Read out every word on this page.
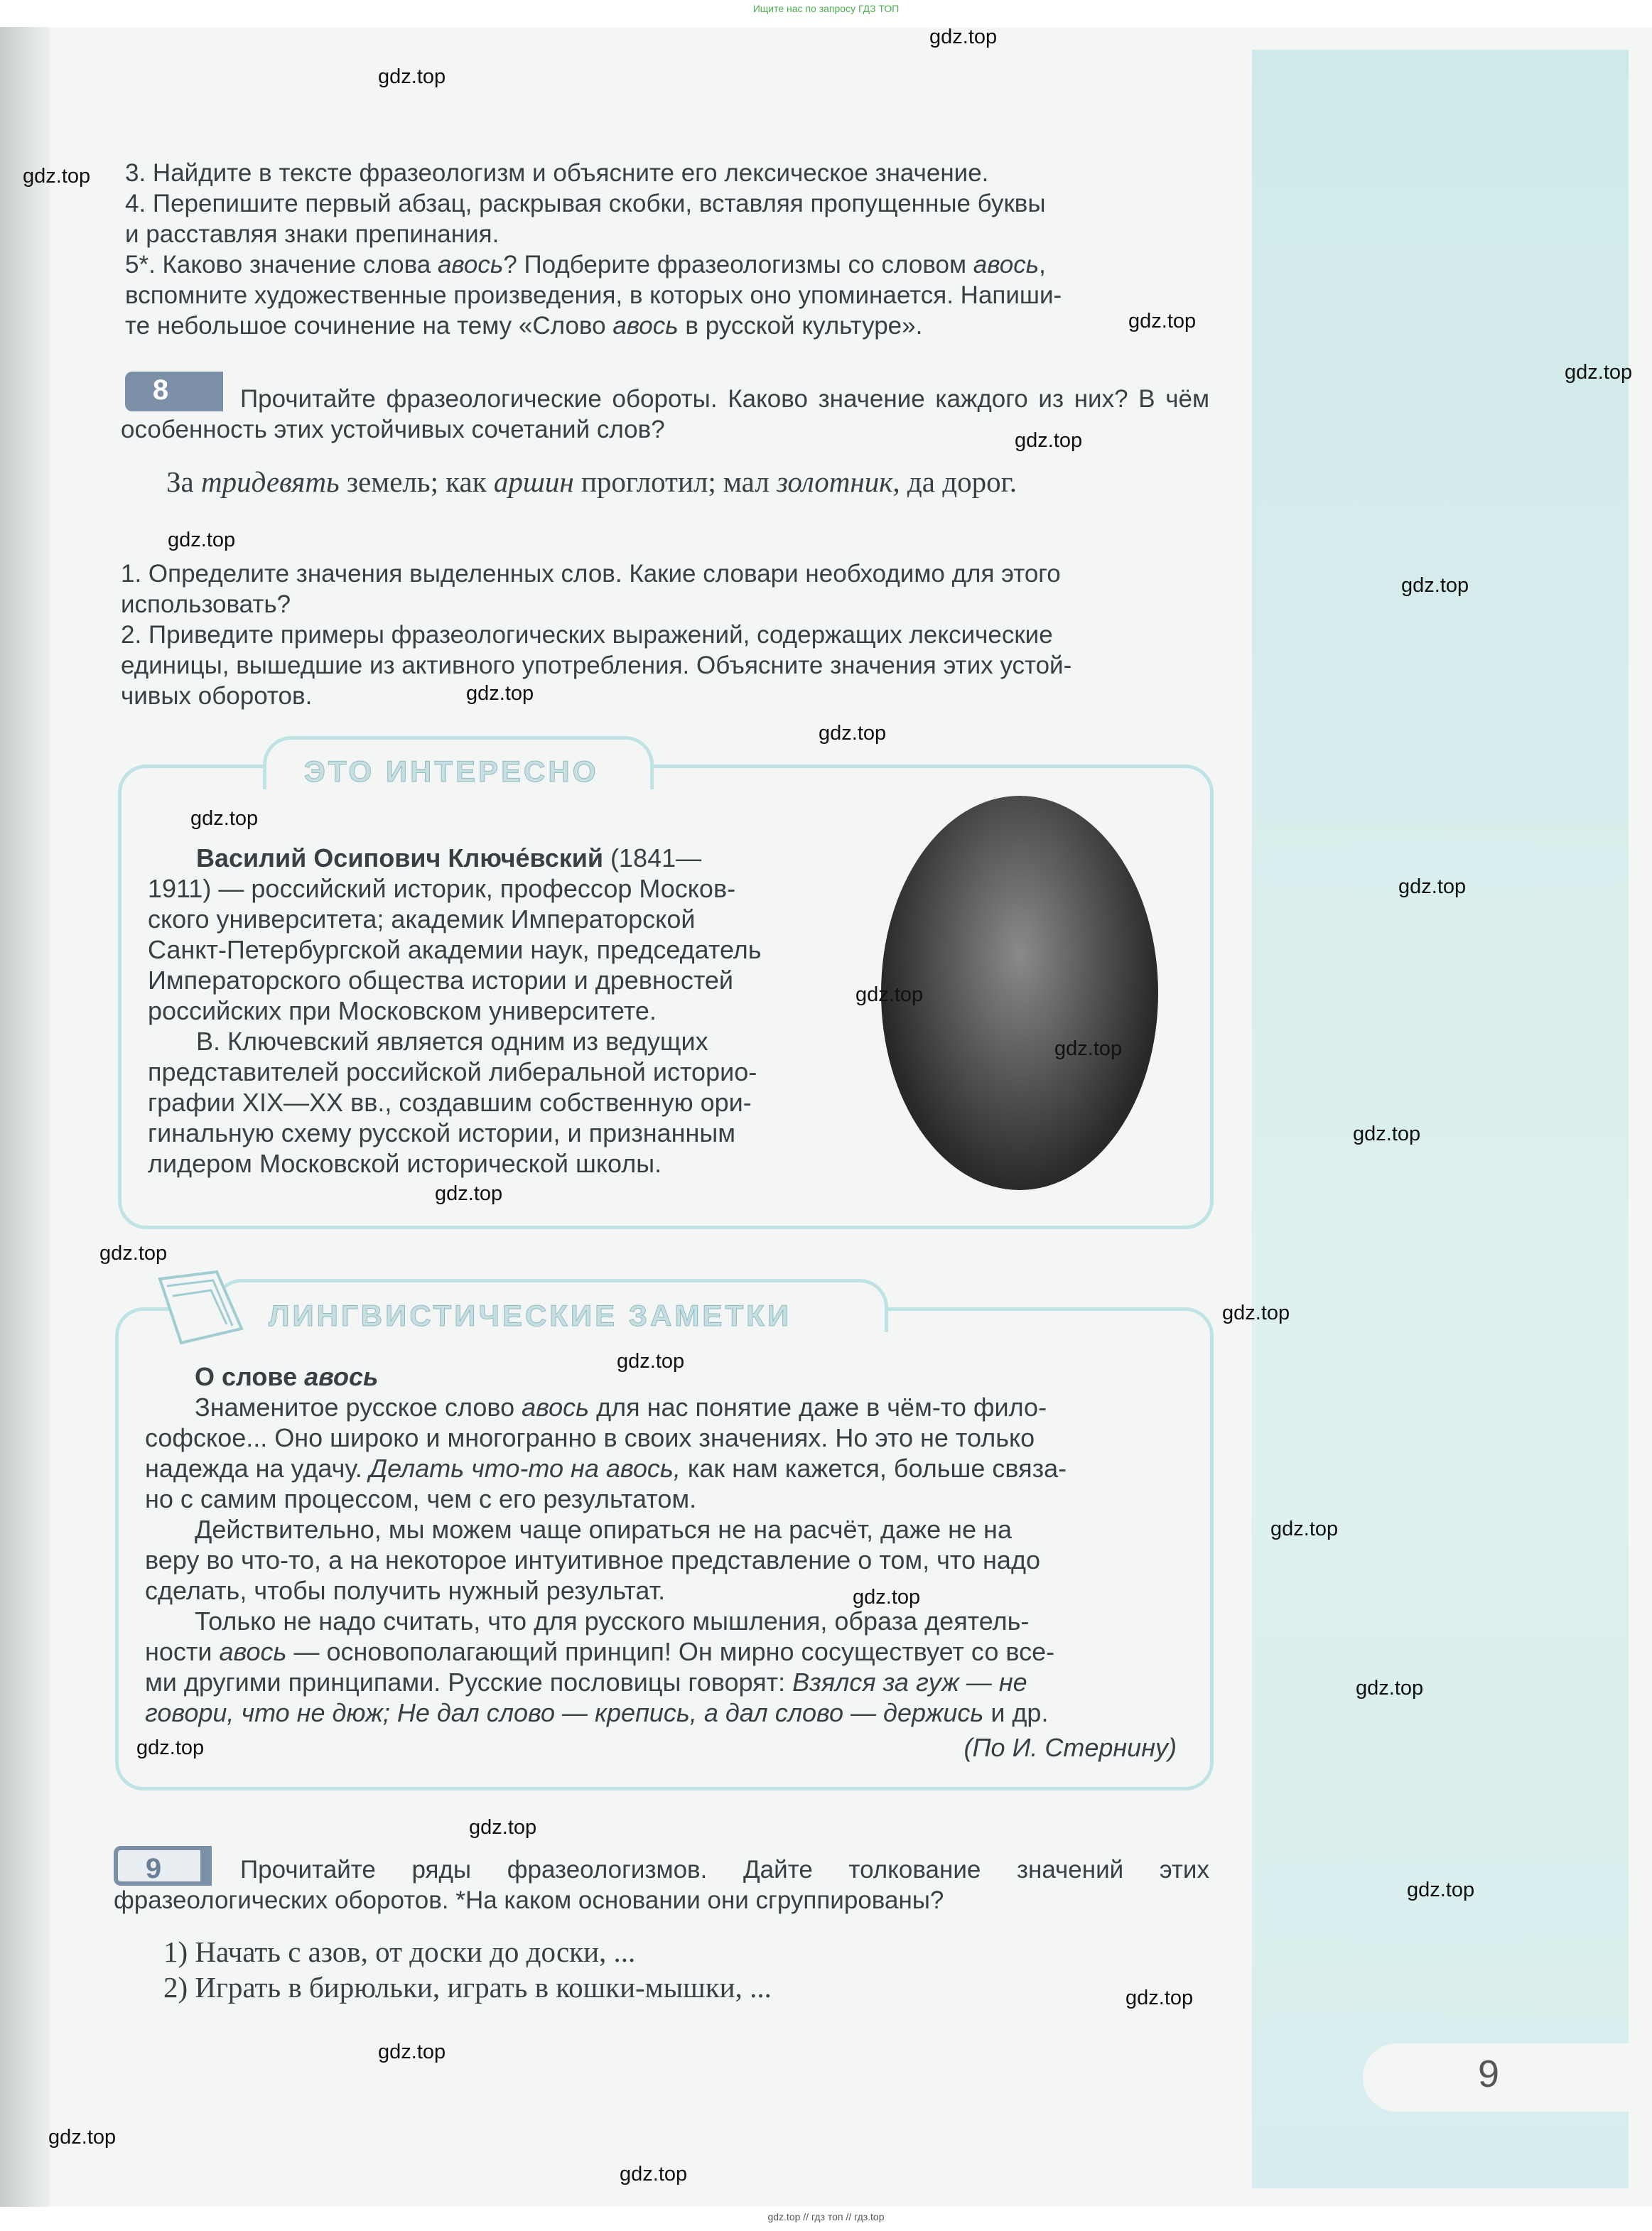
Ищите нас по запросу ГДЗ ТОП
9
3. Найдите в тексте фразеологизм и объясните его лексическое значение.
4. Перепишите первый абзац, раскрывая скобки, вставляя пропущенные буквы
и расставляя знаки препинания.
5*. Каково значение слова авось? Подберите фразеологизмы со словом авось,
вспомните художественные произведения, в которых оно упоминается. Напиши-
те небольшое сочинение на тему «Слово авось в русской культуре».
8	Прочитайте фразеологические обороты. Каково значение каждого из них? В чём особенность этих устойчивых сочетаний слов?
За тридевять земель; как аршин проглотил; мал золотник, да дорог.
1. Определите значения выделенных слов. Какие словари необходимо для этого
использовать?
2. Приведите примеры фразеологических выражений, содержащих лексические
единицы, вышедшие из активного употребления. Объясните значения этих устой-
чивых оборотов.
ЭТО ИНТЕРЕСНО
Василий Осипович Ключе́вский (1841—
1911) — российский историк, профессор Москов-
ского университета; академик Императорской
Санкт-Петербургской академии наук, председатель
Императорского общества истории и древностей
российских при Московском университете.
В. Ключевский является одним из ведущих
представителей российской либеральной историо-
графии XIX—XX вв., создавшим собственную ори-
гинальную схему русской истории, и признанным
лидером Московской исторической школы.
ЛИНГВИСТИЧЕСКИЕ ЗАМЕТКИ
О слове авось
Знаменитое русское слово авось для нас понятие даже в чём-то фило-
софское... Оно широко и многогранно в своих значениях. Но это не только
надежда на удачу. Делать что-то на авось, как нам кажется, больше связа-
но с самим процессом, чем с его результатом.
Действительно, мы можем чаще опираться не на расчёт, даже не на
веру во что-то, а на некоторое интуитивное представление о том, что надо
сделать, чтобы получить нужный результат.
Только не надо считать, что для русского мышления, образа деятель-
ности авось — основополагающий принцип! Он мирно сосуществует со все-
ми другими принципами. Русские пословицы говорят: Взялся за гуж — не
говори, что не дюж; Не дал слово — крепись, а дал слово — держись и др.
(По И. Стернину)
9	Прочитайте ряды фразеологизмов. Дайте толкование значений этих фразеологических оборотов. *На каком основании они сгруппированы?
1) Начать с азов, от доски до доски, ...
2) Играть в бирюльки, играть в кошки-мышки, ...
gdz.top
gdz.top
gdz.top
gdz.top
gdz.top
gdz.top
gdz.top
gdz.top
gdz.top
gdz.top
gdz.top
gdz.top
gdz.top
gdz.top
gdz.top
gdz.top
gdz.top
gdz.top
gdz.top
gdz.top
gdz.top
gdz.top
gdz.top
gdz.top
gdz.top
gdz.top
gdz.top
gdz.top
gdz.top
gdz.top // гдз топ // гдз.top
